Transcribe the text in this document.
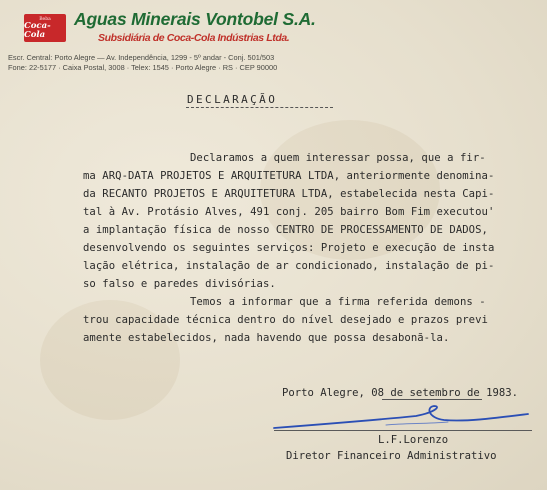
Beba
Coca-Cola
Aguas Minerais Vontobel S.A.
Subsidiária de Coca-Cola Indústrias Ltda.
Escr. Central: Porto Alegre — Av. Independência, 1299 - 5º andar - Conj. 501/503
Fone: 22-5177 · Caixa Postal, 3008 · Telex: 1545 · Porto Alegre · RS · CEP 90000
DECLARAÇÃO
Declaramos a quem interessar possa, que a fir-
ma ARQ-DATA PROJETOS E ARQUITETURA LTDA, anteriormente denomina-
da RECANTO PROJETOS E ARQUITETURA LTDA, estabelecida nesta Capi-
tal à Av. Protásio Alves, 491 conj. 205 bairro Bom Fim executou'
a implantação física de nosso CENTRO DE PROCESSAMENTO DE DADOS,
desenvolvendo os seguintes serviços: Projeto e execução de insta
lação elétrica, instalação de ar condicionado, instalação de pi-
so falso e paredes divisórias.
Temos a informar que a firma referida demons -
trou capacidade técnica dentro do nível desejado e prazos previ
amente estabelecidos, nada havendo que possa desabonã-la.
Porto Alegre, 08 de setembro de 1983.
L.F.Lorenzo
Diretor Financeiro Administrativo
